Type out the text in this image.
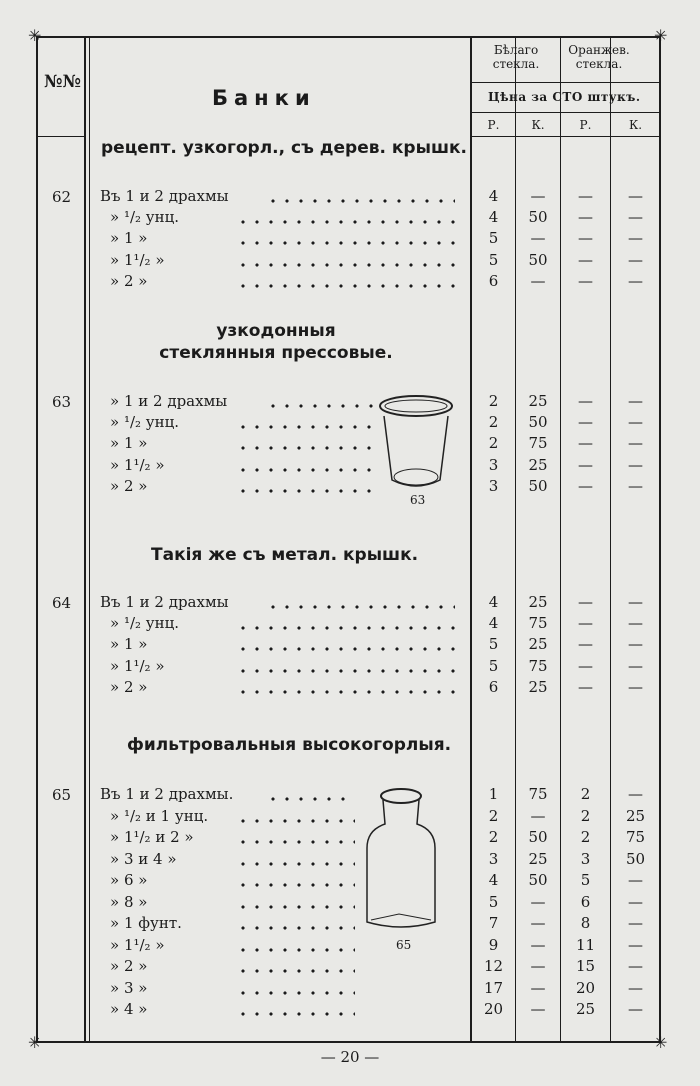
✳	✳
✳	✳
№№
Банки
Бѣлаго стекла.
Оранжев. стекла.
Цѣна за СТО штукъ.
Р.	К.	Р.	К.
рецепт. узкогорл., съ дерев. крышк.
узкодонныя стеклянныя прессовые.
Такія же съ метал. крышк.
фильтровальныя высокогорлыя.
62
63
64
65
Въ 1 и 2 драхмы	4	—	—	—
» ¹/₂ унц.	4	50	—	—
» 1 »	5	—	—	—
» 1¹/₂ »	5	50	—	—
» 2 »	6	—	—	—
» 1 и 2 драхмы	2	25	—	—
» ¹/₂ унц.	2	50	—	—
» 1 »	2	75	—	—
» 1¹/₂ »	3	25	—	—
» 2 »	3	50	—	—
Въ 1 и 2 драхмы	4	25	—	—
» ¹/₂ унц.	4	75	—	—
» 1 »	5	25	—	—
» 1¹/₂ »	5	75	—	—
» 2 »	6	25	—	—
Въ 1 и 2 драхмы.	1	75	2	—
» ¹/₂ и 1 унц.	2	—	2	25
» 1¹/₂ и 2 »	2	50	2	75
» 3 и 4 »	3	25	3	50
» 6 »	4	50	5	—
» 8 »	5	—	6	—
» 1 фунт.	7	—	8	—
» 1¹/₂ »	9	—	11	—
» 2 »	12	—	15	—
» 3 »	17	—	20	—
» 4 »	20	—	25	—
63
65
— 20 —
